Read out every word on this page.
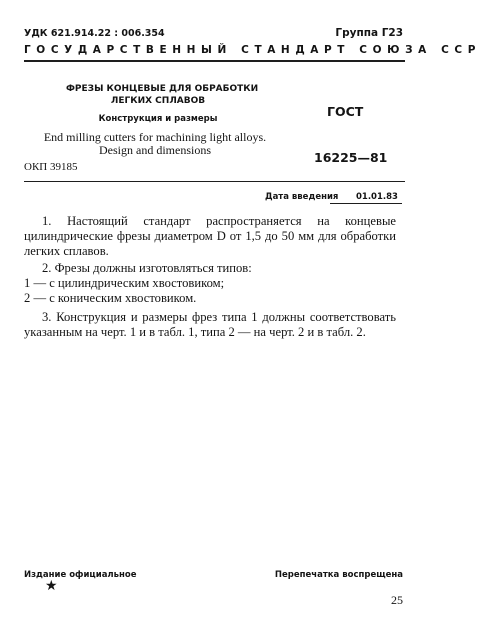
УДК 621.914.22 : 006.354	Группа Г23
ГОСУДАРСТВЕННЫЙ СТАНДАРТ СОЮЗА ССР
ФРЕЗЫ КОНЦЕВЫЕ ДЛЯ ОБРАБОТКИ
ЛЕГКИХ СПЛАВОВ
Конструкция и размеры
End milling cutters for machining light alloys.
Design and dimensions
ГОСТ
16225—81
ОКП 39185
Дата введения 01.01.83

1. Настоящий стандарт распространяется на концевые цилиндрические фрезы диаметром D от 1,5 до 50 мм для обработки легких сплавов.

2. Фрезы должны изготовляться типов:

1 — с цилиндрическим хвостовиком;

2 — с коническим хвостовиком.

3. Конструкция и размеры фрез типа 1 должны соответствовать указанным на черт. 1 и в табл. 1, типа 2 — на черт. 2 и в табл. 2.

Издание официальное
★
Перепечатка воспрещена
25
